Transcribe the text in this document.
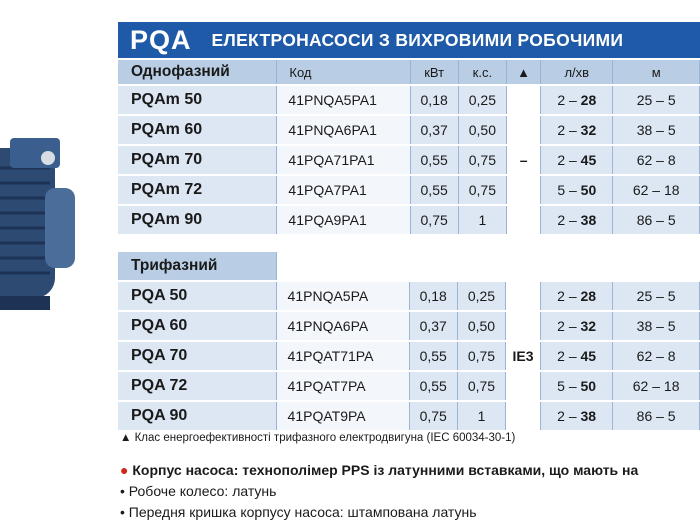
PQA ЕЛЕКТРОНАСОСИ З ВИХРОВИМИ РОБОЧИМИ
Однофазний	Код	кВт	к.с.	▲	л/хв	м
PQAm 50	41PNQA5PA1	0,18	0,25	–	2 – 28	25 – 5
PQAm 60	41PNQA6PA1	0,37	0,50		2 – 32	38 – 5
PQAm 70	41PQA71PA1	0,55	0,75		2 – 45	62 – 8
PQAm 72	41PQA7PA1	0,55	0,75		5 – 50	62 – 18
PQAm 90	41PQA9PA1	0,75	1		2 – 38	86 – 5
Трифазний						
PQA 50	41PNQA5PA	0,18	0,25	IE3	2 – 28	25 – 5
PQA 60	41PNQA6PA	0,37	0,50		2 – 32	38 – 5
PQA 70	41PQAT71PA	0,55	0,75		2 – 45	62 – 8
PQA 72	41PQAT7PA	0,55	0,75		5 – 50	62 – 18
PQA 90	41PQAT9PA	0,75	1		2 – 38	86 – 5
▲ Клас енергоефективності трифазного електродвигуна (IEC 60034-30-1)
● Корпус насоса: технополімер PPS із латунними вставками, що мають на
• Робоче колесо: латунь
• Передня кришка корпусу насоса: штампована латунь
